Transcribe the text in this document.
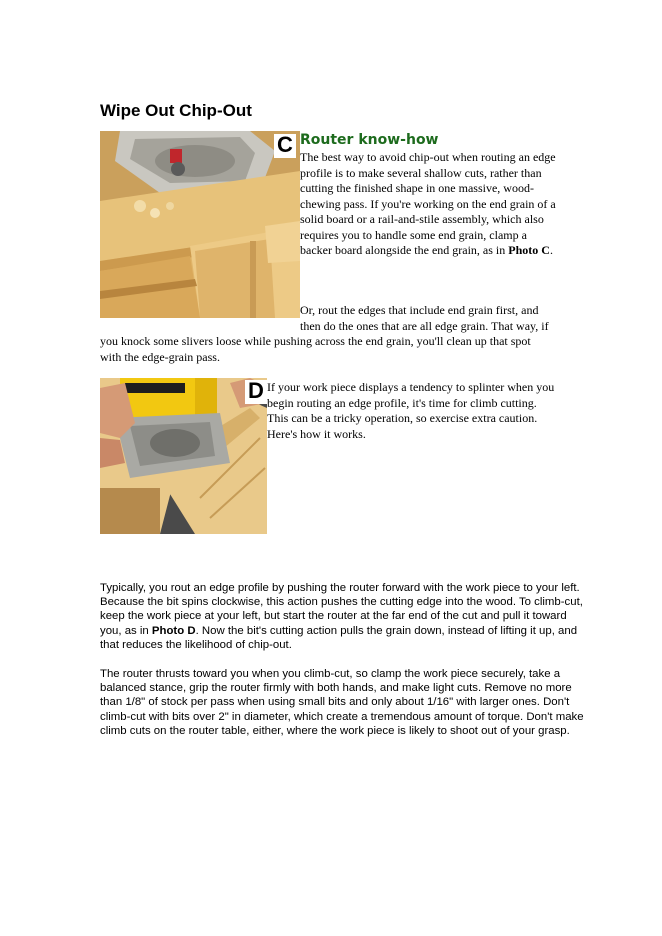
Wipe Out Chip-Out
C Router know-how
The best way to avoid chip-out when routing an edge
profile is to make several shallow cuts, rather than
cutting the finished shape in one massive, wood-
chewing pass. If you're working on the end grain of a
solid board or a rail-and-stile assembly, which also
requires you to handle some end grain, clamp a
backer board alongside the end grain, as in Photo C.
Or, rout the edges that include end grain first, and
then do the ones that are all edge grain. That way, if
you knock some slivers loose while pushing across the end grain, you'll clean up that spot
with the edge-grain pass.
D If your work piece displays a tendency to splinter when you
begin routing an edge profile, it's time for climb cutting.
This can be a tricky operation, so exercise extra caution.
Here's how it works.

Typically, you rout an edge profile by pushing the router forward with the work piece to your left. Because the bit spins clockwise, this action pushes the cutting edge into the wood. To climb-cut, keep the work piece at your left, but start the router at the far end of the cut and pull it toward you, as in Photo D. Now the bit's cutting action pulls the grain down, instead of lifting it up, and that reduces the likelihood of chip-out.

The router thrusts toward you when you climb-cut, so clamp the work piece securely, take a balanced stance, grip the router firmly with both hands, and make light cuts. Remove no more than 1/8" of stock per pass when using small bits and only about 1/16" with larger ones. Don't climb-cut with bits over 2" in diameter, which create a tremendous amount of torque. Don't make climb cuts on the router table, either, where the work piece is likely to shoot out of your grasp.
